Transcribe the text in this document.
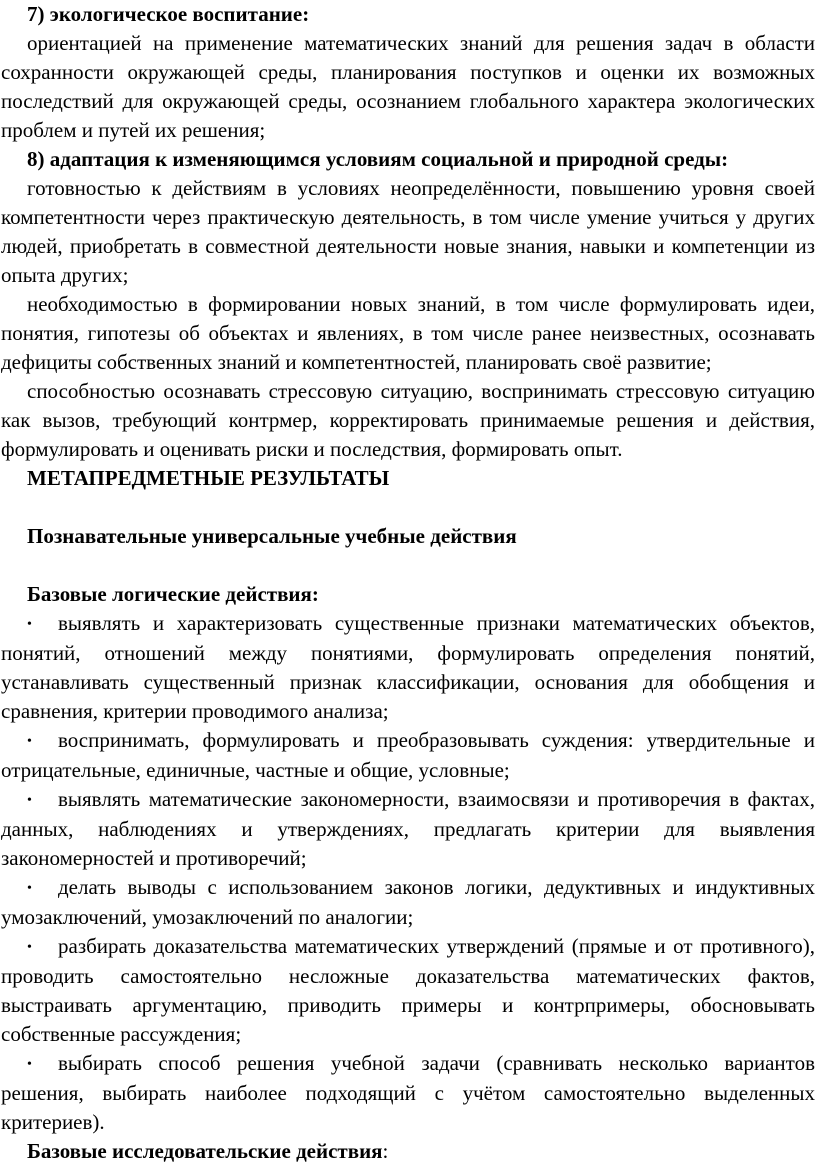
7) экологическое воспитание:

ориентацией на применение математических знаний для решения задач в области сохранности окружающей среды, планирования поступков и оценки их возможных последствий для окружающей среды, осознанием глобального характера экологических проблем и путей их решения;

8) адаптация к изменяющимся условиям социальной и природной среды:

готовностью к действиям в условиях неопределённости, повышению уровня своей компетентности через практическую деятельность, в том числе умение учиться у других людей, приобретать в совместной деятельности новые знания, навыки и компетенции из опыта других;

необходимостью в формировании новых знаний, в том числе формулировать идеи, понятия, гипотезы об объектах и явлениях, в том числе ранее неизвестных, осознавать дефициты собственных знаний и компетентностей, планировать своё развитие;

способностью осознавать стрессовую ситуацию, воспринимать стрессовую ситуацию как вызов, требующий контрмер, корректировать принимаемые решения и действия, формулировать и оценивать риски и последствия, формировать опыт.

МЕТАПРЕДМЕТНЫЕ РЕЗУЛЬТАТЫ

Познавательные универсальные учебные действия

Базовые логические действия:

• выявлять и характеризовать существенные признаки математических объектов, понятий, отношений между понятиями, формулировать определения понятий, устанавливать существенный признак классификации, основания для обобщения и сравнения, критерии проводимого анализа;

• воспринимать, формулировать и преобразовывать суждения: утвердительные и отрицательные, единичные, частные и общие, условные;

• выявлять математические закономерности, взаимосвязи и противоречия в фактах, данных, наблюдениях и утверждениях, предлагать критерии для выявления закономерностей и противоречий;

• делать выводы с использованием законов логики, дедуктивных и индуктивных умозаключений, умозаключений по аналогии;

• разбирать доказательства математических утверждений (прямые и от противного), проводить самостоятельно несложные доказательства математических фактов, выстраивать аргументацию, приводить примеры и контрпримеры, обосновывать собственные рассуждения;

• выбирать способ решения учебной задачи (сравнивать несколько вариантов решения, выбирать наиболее подходящий с учётом самостоятельно выделенных критериев).

Базовые исследовательские действия:
